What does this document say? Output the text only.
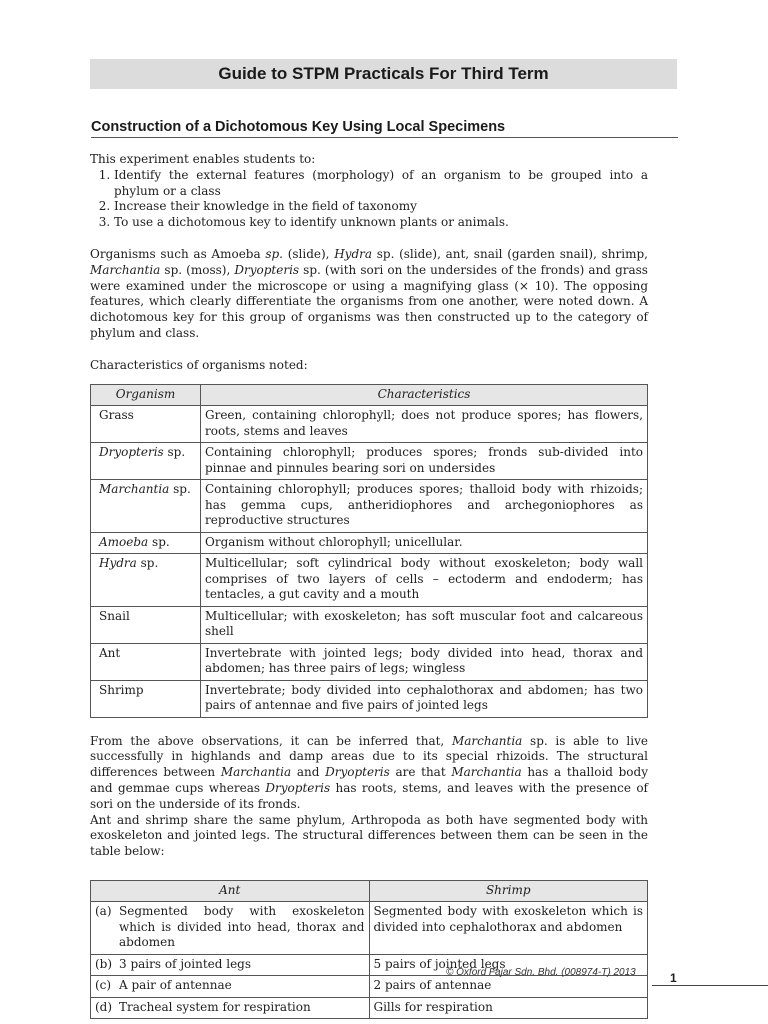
Guide to STPM Practicals For Third Term
Construction of a Dichotomous Key Using Local Specimens

This experiment enables students to:

1. Identify the external features (morphology) of an organism to be grouped into a phylum or a class
2. Increase their knowledge in the field of taxonomy
3. To use a dichotomous key to identify unknown plants or animals.

Organisms such as Amoeba sp. (slide), Hydra sp. (slide), ant, snail (garden snail), shrimp, Marchantia sp. (moss), Dryopteris sp. (with sori on the undersides of the fronds) and grass were examined under the microscope or using a magnifying glass (× 10). The opposing features, which clearly differentiate the organisms from one another, were noted down. A dichotomous key for this group of organisms was then constructed up to the category of phylum and class.

Characteristics of organisms noted:

Organism	Characteristics
Grass	Green, containing chlorophyll; does not produce spores; has flowers, roots, stems and leaves
Dryopteris sp.	Containing chlorophyll; produces spores; fronds sub-divided into pinnae and pinnules bearing sori on undersides
Marchantia sp.	Containing chlorophyll; produces spores; thalloid body with rhizoids; has gemma cups, antheridiophores and archegoniophores as reproductive structures
Amoeba sp.	Organism without chlorophyll; unicellular.
Hydra sp.	Multicellular; soft cylindrical body without exoskeleton; body wall comprises of two layers of cells – ectoderm and endoderm; has tentacles, a gut cavity and a mouth
Snail	Multicellular; with exoskeleton; has soft muscular foot and calcareous shell
Ant	Invertebrate with jointed legs; body divided into head, thorax and abdomen; has three pairs of legs; wingless
Shrimp	Invertebrate; body divided into cephalothorax and abdomen; has two pairs of antennae and five pairs of jointed legs

From the above observations, it can be inferred that, Marchantia sp. is able to live successfully in highlands and damp areas due to its special rhizoids. The structural differences between Marchantia and Dryopteris are that Marchantia has a thalloid body and gemmae cups whereas Dryopteris has roots, stems, and leaves with the presence of sori on the underside of its fronds.

Ant and shrimp share the same phylum, Arthropoda as both have segmented body with exoskeleton and jointed legs. The structural differences between them can be seen in the table below:

Ant	Shrimp

(a) Segmented body with exoskeleton which is divided into head, thorax and abdomen	Segmented body with exoskeleton which is divided into cephalothorax and abdomen

(b) 3 pairs of jointed legs	5 pairs of jointed legs

(c) A pair of antennae	2 pairs of antennae

(d) Tracheal system for respiration	Gills for respiration
© Oxford Fajar Sdn. Bhd. (008974-T) 2013	1
